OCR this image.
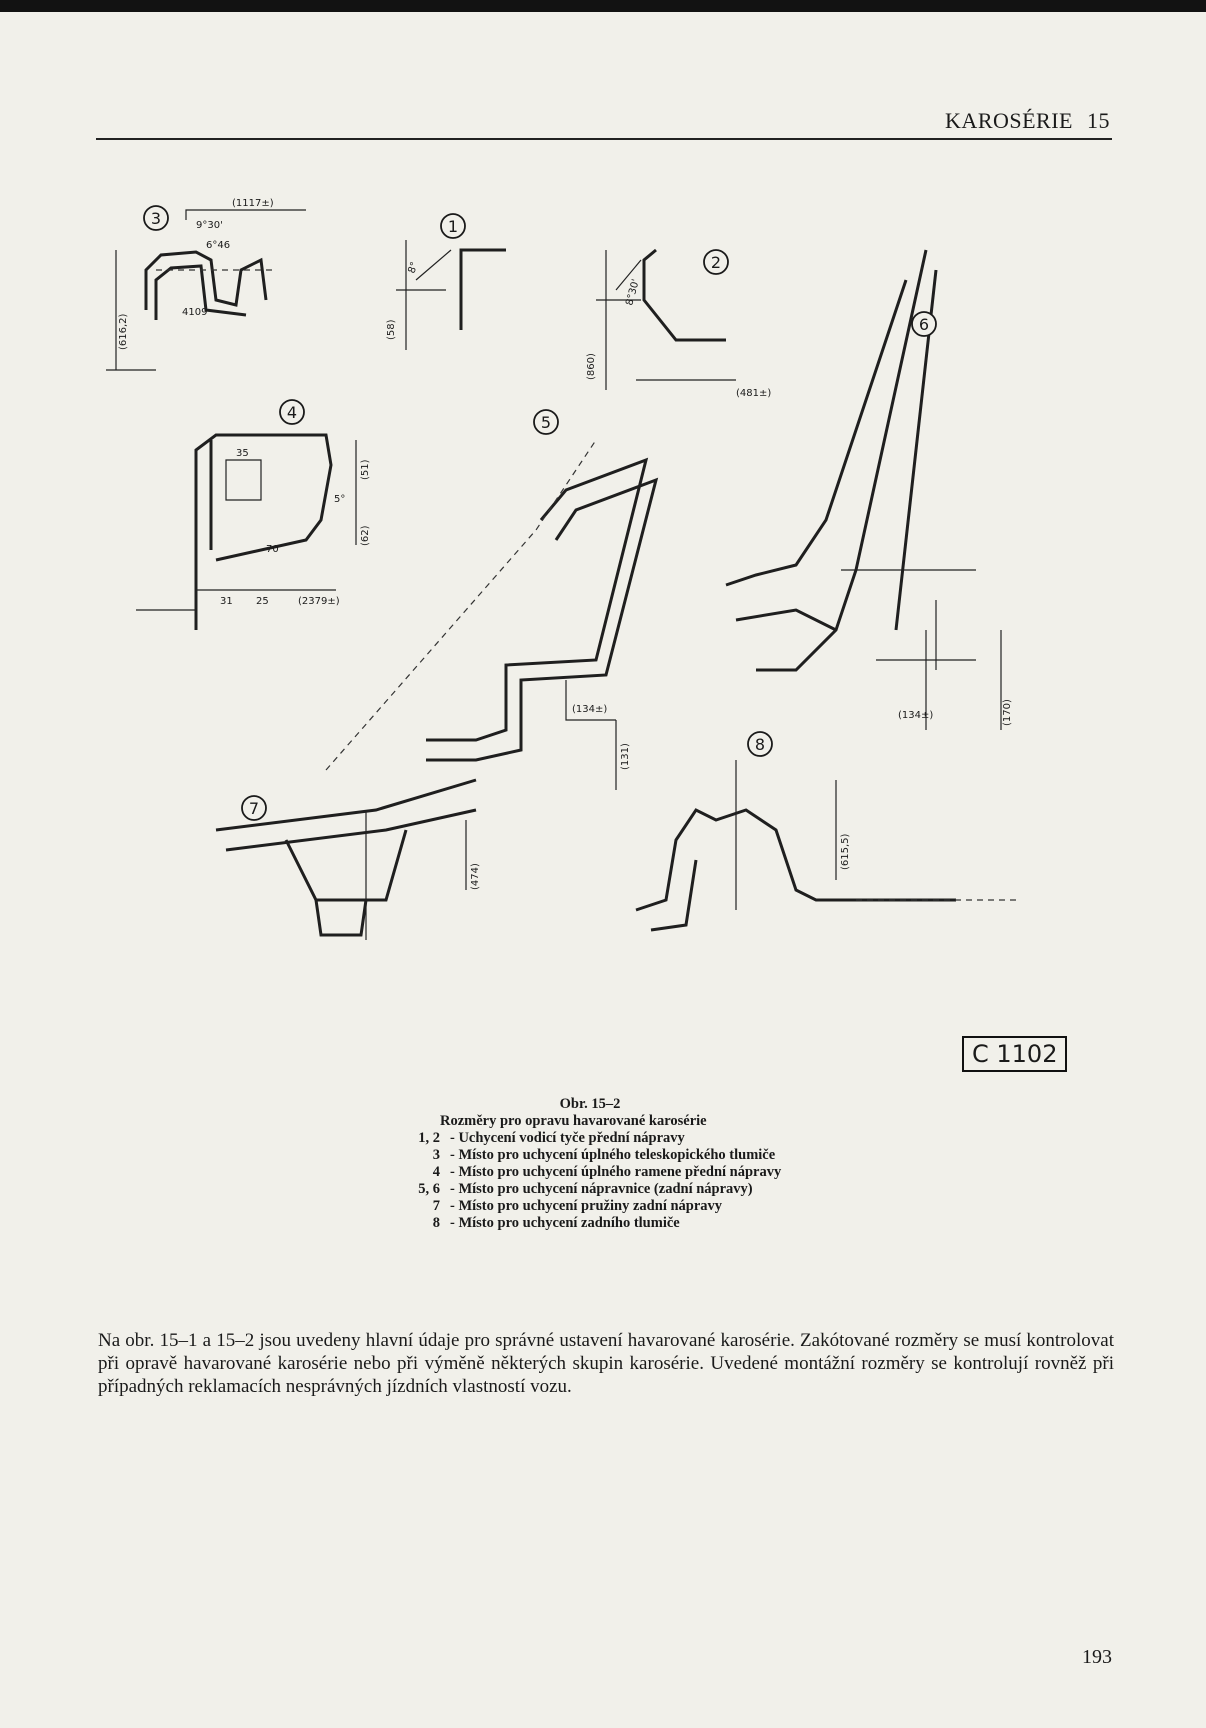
KAROSÉRIE 15
3
(1117±)
9°30'
6°46
4109
(616,2)
1
8°
(58)
2
8°30'
(860)
(481±)
6
(134±)	(170)
4
35
(51)
5°
(62)
70
31 25	(2379±)
5
(134±)
(131)
7
(474)
8
(615,5)
C 1102
Obr. 15–2
Rozměry pro opravu havarované karosérie
1, 2 - Uchycení vodicí tyče přední nápravy
3 - Místo pro uchycení úplného teleskopického tlumiče
4 - Místo pro uchycení úplného ramene přední nápravy
5, 6 - Místo pro uchycení nápravnice (zadní nápravy)
7 - Místo pro uchycení pružiny zadní nápravy
8 - Místo pro uchycení zadního tlumiče

Na obr. 15–1 a 15–2 jsou uvedeny hlavní údaje pro správné ustavení havarované karosérie. Zakótované rozměry se musí kontrolovat při opravě havarované karosérie nebo při výměně některých skupin karosérie. Uvedené montážní rozměry se kontrolují rovněž při případných reklamacích nesprávných jízdních vlastností vozu.

193
